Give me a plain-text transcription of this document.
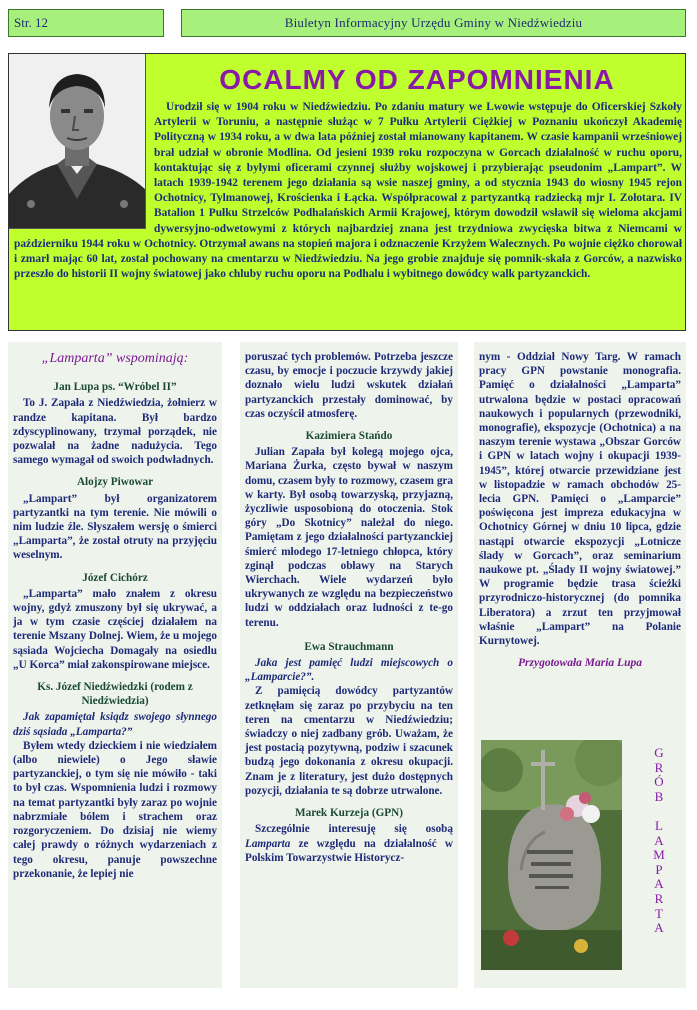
Str. 12	Biuletyn Informacyjny Urzędu Gminy w Niedźwiedziu
OCALMY OD ZAPOMNIENIA
Urodził się w 1904 roku w Niedźwiedziu. Po zdaniu matury we Lwowie wstępuje do Oficerskiej Szkoły Artylerii w Toruniu, a następnie służąc w 7 Pułku Artylerii Ciężkiej w Poznaniu ukończył Akademię Polityczną w 1934 roku, a w dwa lata później został mianowany kapitanem. W czasie kampanii wrześniowej brał udział w obronie Modlina. Od jesieni 1939 roku rozpoczyna w Gorcach działalność w ruchu oporu, kontaktując się z byłymi oficerami czynnej służby wojskowej i przybierając pseudonim „Lampart”. W latach 1939-1942 terenem jego działania są wsie naszej gminy, a od stycznia 1943 do wiosny 1945 rejon Ochotnicy, Tylmanowej, Krościenka i Łącka. Współpracował z partyzantką radziecką mjr I. Zołotara. IV Batalion 1 Pułku Strzelców Podhalańskich Armii Krajowej, którym dowodził wsławił się wieloma akcjami dywersyjno-odwetowymi z których najbardziej znana jest trzydniowa zwycięska bitwa z Niemcami w październiku 1944 roku w Ochotnicy. Otrzymał awans na stopień majora i odznaczenie Krzyżem Walecznych. Po wojnie ciężko chorował i zmarł mając 60 lat, został pochowany na cmentarzu w Niedźwiedziu. Na jego grobie znajduje się pomnik-skała z Gorców, a nazwisko przeszło do historii II wojny światowej jako chluby ruchu oporu na Podhalu i wybitnego dowódcy walk partyzanckich.
„Lamparta” wspominają:
Jan Lupa ps. “Wróbel II”

To J. Zapała z Niedźwiedzia, żołnierz w randze kapitana. Był bardzo zdyscyplinowany, trzymał porządek, nie pozwalał na żadne nadużycia. Tego samego wymagał od swoich podwładnych.

Alojzy Piwowar

„Lampart” był organizatorem partyzantki na tym terenie. Nie mówili o nim ludzie źle. Słyszałem wersję o śmierci „Lamparta”, że został otruty na przyjęciu weselnym.

Józef Cichórz

„Lamparta” mało znałem z okresu wojny, gdyż zmuszony był się ukrywać, a ja w tym czasie częściej działałem na terenie Mszany Dolnej. Wiem, że u mojego sąsiada Wojciecha Domagały na osiedlu „U Korca” miał zakonspirowane miejsce.

Ks. Józef Niedźwiedzki (rodem z Niedźwiedzia)

Jak zapamiętał ksiądz swojego słynnego dziś sąsiada „Lamparta?”

Byłem wtedy dzieckiem i nie wiedziałem (albo niewiele) o Jego sławie partyzanckiej, o tym się nie mówiło - taki to był czas. Wspomnienia ludzi i rozmowy na temat partyzantki były zaraz po wojnie nabrzmiałe bólem i strachem oraz rozgoryczeniem. Do dzisiaj nie wiemy całej prawdy o różnych wydarzeniach z tego okresu, panuje powszechne przekonanie, że lepiej nie

poruszać tych problemów. Potrzeba jeszcze czasu, by emocje i poczucie krzywdy jakiej doznało wielu ludzi wskutek działań partyzanckich przestały dominować, by czas oczyścił atmosferę.

Kazimiera Stańdo

Julian Zapała był kolegą mojego ojca, Mariana Żurka, często bywał w naszym domu, czasem były to rozmowy, czasem gra w karty. Był osobą towarzyską, przyjazną, życzliwie usposobioną do otoczenia. Stok góry „Do Skotnicy” należał do niego. Pamiętam z jego działalności partyzanckiej śmierć młodego 17-letniego chłopca, który zginął podczas obławy na Starych Wierchach. Wiele wydarzeń było ukrywanych ze względu na bezpieczeństwo ludzi w oddziałach oraz ludności z te-go terenu.

Ewa Strauchmann

Jaka jest pamięć ludzi miejscowych o „Lamparcie?”.

Z pamięcią dowódcy partyzantów zetknęłam się zaraz po przybyciu na ten teren na cmentarzu w Niedźwiedziu; świadczy o niej zadbany grób. Uważam, że jest postacią pozytywną, podziw i szacunek budzą jego dokonania z okresu okupacji. Znam je z literatury, jest dużo dostępnych pozycji, działania te są dobrze utrwalone.

Marek Kurzeja (GPN)

Szczególnie interesuję się osobą Lamparta ze względu na działalność w Polskim Towarzystwie Historycz-

nym - Oddział Nowy Targ. W ramach pracy GPN powstanie monografia. Pamięć o działalności „Lamparta” utrwalona będzie w postaci opracowań naukowych i popularnych (przewodniki, monografie), ekspozycje (Ochotnica) a na naszym terenie wystawa „Obszar Gorców i GPN w latach wojny i okupacji 1939-1945”, której otwarcie przewidziane jest w listopadzie w ramach obchodów 25-lecia GPN. Pamięci o „Lamparcie” poświęcona jest impreza edukacyjna w Ochotnicy Górnej w dniu 10 lipca, gdzie nastąpi otwarcie ekspozycji „Lotnicze ślady w Gorcach”, oraz seminarium naukowe pt. „Ślady II wojny światowej.” W programie będzie trasa ścieżki przyrodniczo-historycznej (do pomnika Liberatora) a zrzut ten przyjmował właśnie „Lampart” na Polanie Kurnytowej.

Przygotowała Maria Lupa
G
R
Ó
B

L
A
M
P
A
R
T
A
